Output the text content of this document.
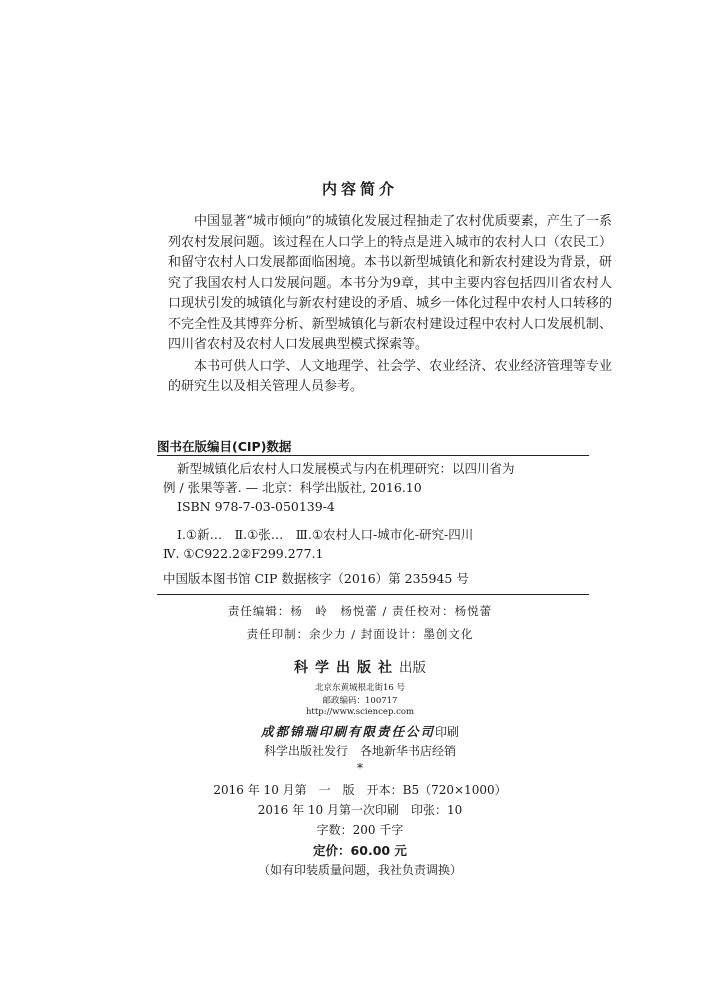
内容简介

中国显著“城市倾向”的城镇化发展过程抽走了农村优质要素，产生了一系列农村发展问题。该过程在人口学上的特点是进入城市的农村人口（农民工）和留守农村人口发展都面临困境。本书以新型城镇化和新农村建设为背景，研究了我国农村人口发展问题。本书分为9章，其中主要内容包括四川省农村人口现状引发的城镇化与新农村建设的矛盾、城乡一体化过程中农村人口转移的不完全性及其博弈分析、新型城镇化与新农村建设过程中农村人口发展机制、四川省农村及农村人口发展典型模式探索等。

本书可供人口学、人文地理学、社会学、农业经济、农业经济管理等专业的研究生以及相关管理人员参考。

图书在版编目(CIP)数据
新型城镇化后农村人口发展模式与内在机理研究：以四川省为
例 / 张果等著. — 北京：科学出版社, 2016.10
ISBN 978-7-03-050139-4
Ⅰ.①新…　Ⅱ.①张…　Ⅲ.①农村人口-城市化-研究-四川
Ⅳ. ①C922.2②F299.277.1
中国版本图书馆 CIP 数据核字（2016）第 235945 号
责任编辑：杨　岭　杨悦蕾 / 责任校对：杨悦蕾
责任印制：余少力 / 封面设计：墨创文化
科学出版社出版
北京东黄城根北街16 号
邮政编码：100717
http://www.sciencep.com
成都锦瑞印刷有限责任公司印刷
科学出版社发行　各地新华书店经销
*
2016 年 10 月第　一　版　开本：B5（720×1000）
2016 年 10 月第一次印刷　印张：10
字数：200 千字
定价：60.00 元
（如有印装质量问题，我社负责调换）
